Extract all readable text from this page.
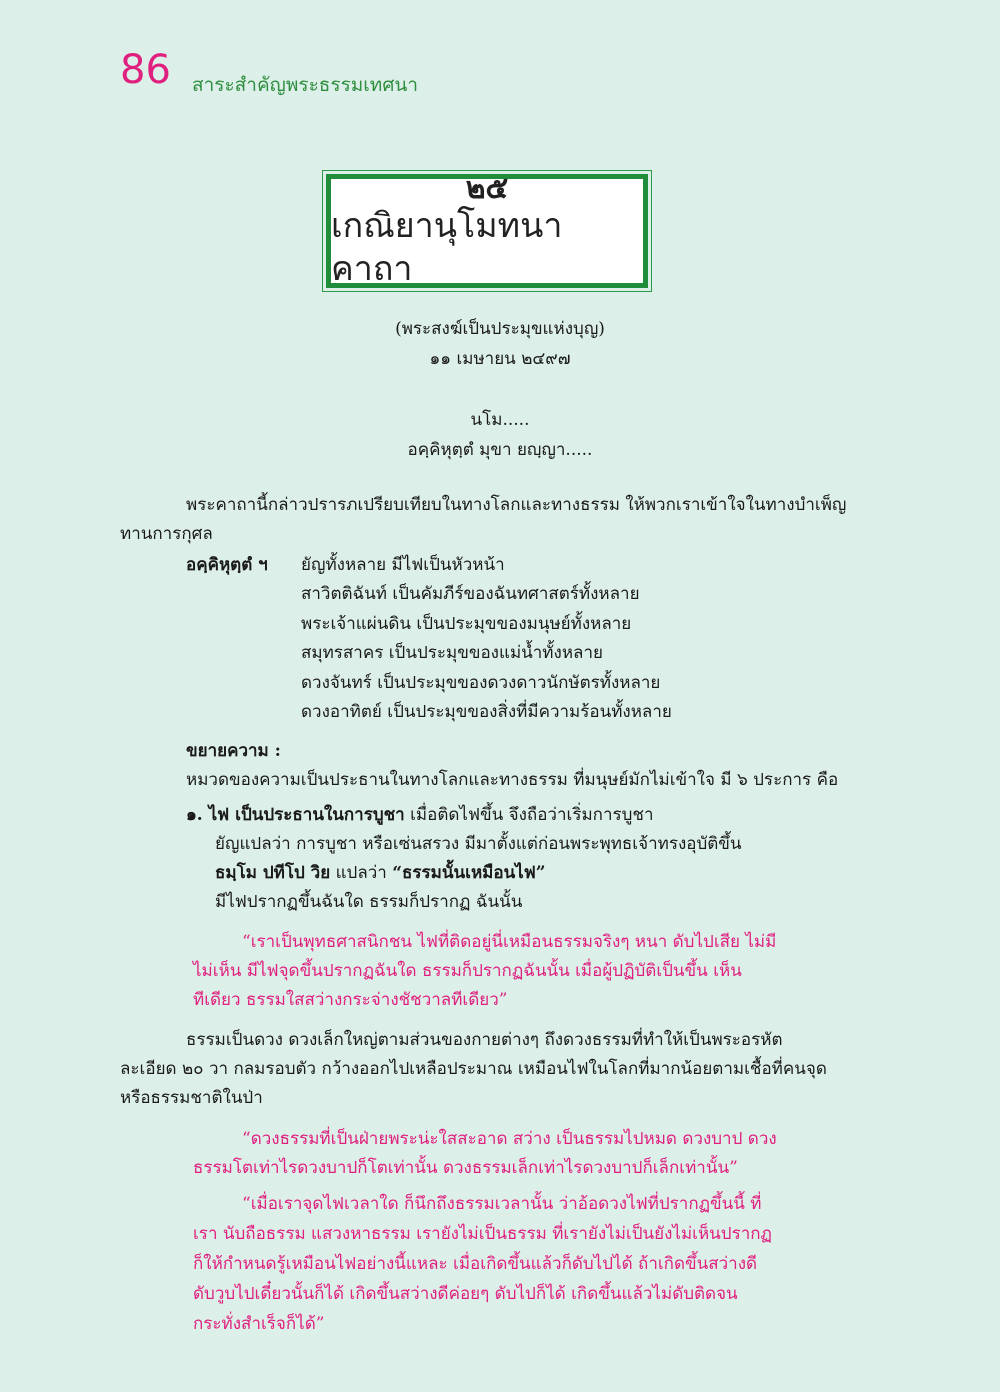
86 สาระสำคัญพระธรรมเทศนา
๒๕
เกณิยานุโมทนาคาถา
(พระสงฆ์เป็นประมุขแห่งบุญ)
๑๑ เมษายน ๒๔๙๗
นโม.....
อคฺคิหุตฺตํ มุขา ยญฺญา.....
พระคาถานี้กล่าวปรารภเปรียบเทียบในทางโลกและทางธรรม ให้พวกเราเข้าใจในทางบำเพ็ญ
ทานการกุศล
อคฺคิหุตฺตํ ฯ ยัญทั้งหลาย มีไฟเป็นหัวหน้า
สาวิตติฉันท์ เป็นคัมภีร์ของฉันทศาสตร์ทั้งหลาย
พระเจ้าแผ่นดิน เป็นประมุขของมนุษย์ทั้งหลาย
สมุทรสาคร เป็นประมุขของแม่น้ำทั้งหลาย
ดวงจันทร์ เป็นประมุขของดวงดาวนักษัตรทั้งหลาย
ดวงอาทิตย์ เป็นประมุขของสิ่งที่มีความร้อนทั้งหลาย
ขยายความ :
หมวดของความเป็นประธานในทางโลกและทางธรรม ที่มนุษย์มักไม่เข้าใจ มี ๖ ประการ คือ
๑. ไฟ เป็นประธานในการบูชา เมื่อติดไฟขึ้น จึงถือว่าเริ่มการบูชา
ยัญแปลว่า การบูชา หรือเซ่นสรวง มีมาตั้งแต่ก่อนพระพุทธเจ้าทรงอุบัติขึ้น
ธมฺโม ปทีโป วิย แปลว่า “ธรรมนั้นเหมือนไฟ”
มีไฟปรากฏขึ้นฉันใด ธรรมก็ปรากฏ ฉันนั้น
“เราเป็นพุทธศาสนิกชน ไฟที่ติดอยู่นี่เหมือนธรรมจริงๆ หนา ดับไปเสีย ไม่มี
ไม่เห็น มีไฟจุดขึ้นปรากฏฉันใด ธรรมก็ปรากฏฉันนั้น เมื่อผู้ปฏิบัติเป็นขึ้น เห็น
ทีเดียว ธรรมใสสว่างกระจ่างชัชวาลทีเดียว”
ธรรมเป็นดวง ดวงเล็กใหญ่ตามส่วนของกายต่างๆ ถึงดวงธรรมที่ทำให้เป็นพระอรหัต
ละเอียด ๒๐ วา กลมรอบตัว กว้างออกไปเหลือประมาณ เหมือนไฟในโลกที่มากน้อยตามเชื้อที่คนจุด
หรือธรรมชาติในป่า
“ดวงธรรมที่เป็นฝ่ายพระน่ะใสสะอาด สว่าง เป็นธรรมไปหมด ดวงบาป ดวง
ธรรมโตเท่าไรดวงบาปก็โตเท่านั้น ดวงธรรมเล็กเท่าไรดวงบาปก็เล็กเท่านั้น”
“เมื่อเราจุดไฟเวลาใด ก็นึกถึงธรรมเวลานั้น ว่าอ้อดวงไฟที่ปรากฏขึ้นนี้ ที่
เรา นับถือธรรม แสวงหาธรรม เรายังไม่เป็นธรรม ที่เรายังไม่เป็นยังไม่เห็นปรากฏ
ก็ให้กำหนดรู้เหมือนไฟอย่างนี้แหละ เมื่อเกิดขึ้นแล้วก็ดับไปได้ ถ้าเกิดขึ้นสว่างดี
ดับวูบไปเดี๋ยวนั้นก็ได้ เกิดขึ้นสว่างดีค่อยๆ ดับไปก็ได้ เกิดขึ้นแล้วไม่ดับติดจน
กระทั่งสำเร็จก็ได้”
